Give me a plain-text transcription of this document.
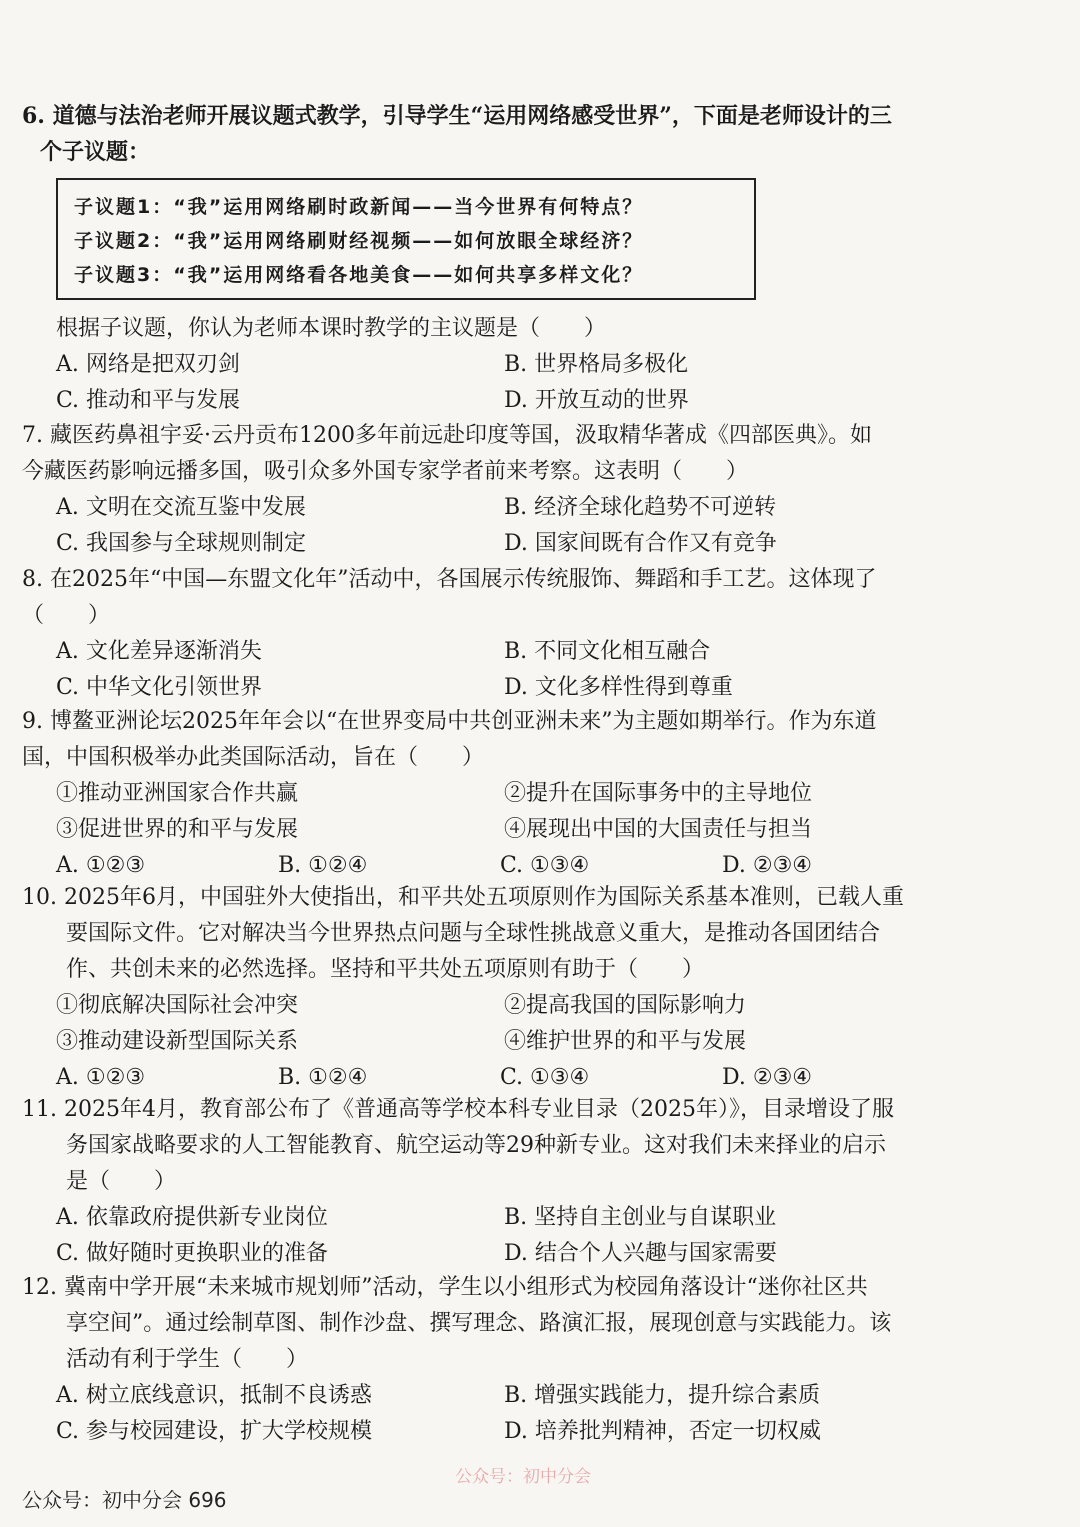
6. 道德与法治老师开展议题式教学，引导学生“运用网络感受世界”，下面是老师设计的三

个子议题：

子议题1：“我”运用网络刷时政新闻——当今世界有何特点？
子议题2：“我”运用网络刷财经视频——如何放眼全球经济？
子议题3：“我”运用网络看各地美食——如何共享多样文化？
根据子议题，你认为老师本课时教学的主议题是（　　）
A. 网络是把双刃剑	B. 世界格局多极化
C. 推动和平与发展	D. 开放互动的世界

7. 藏医药鼻祖宇妥·云丹贡布1200多年前远赴印度等国，汲取精华著成《四部医典》。如

今藏医药影响远播多国，吸引众多外国专家学者前来考察。这表明（　　）

A. 文明在交流互鉴中发展	B. 经济全球化趋势不可逆转
C. 我国参与全球规则制定	D. 国家间既有合作又有竞争

8. 在2025年“中国—东盟文化年”活动中，各国展示传统服饰、舞蹈和手工艺。这体现了

（　　）

A. 文化差异逐渐消失	B. 不同文化相互融合
C. 中华文化引领世界	D. 文化多样性得到尊重

9. 博鳌亚洲论坛2025年年会以“在世界变局中共创亚洲未来”为主题如期举行。作为东道

国，中国积极举办此类国际活动，旨在（　　）

①推动亚洲国家合作共赢	②提升在国际事务中的主导地位
③促进世界的和平与发展	④展现出中国的大国责任与担当
A. ①②③	B. ①②④	C. ①③④	D. ②③④

10. 2025年6月，中国驻外大使指出，和平共处五项原则作为国际关系基本准则，已载人重

要国际文件。它对解决当今世界热点问题与全球性挑战意义重大，是推动各国团结合

作、共创未来的必然选择。坚持和平共处五项原则有助于（　　）

①彻底解决国际社会冲突	②提高我国的国际影响力
③推动建设新型国际关系	④维护世界的和平与发展
A. ①②③	B. ①②④	C. ①③④	D. ②③④

11. 2025年4月，教育部公布了《普通高等学校本科专业目录（2025年）》，目录增设了服

务国家战略要求的人工智能教育、航空运动等29种新专业。这对我们未来择业的启示

是（　　）

A. 依靠政府提供新专业岗位	B. 坚持自主创业与自谋职业
C. 做好随时更换职业的准备	D. 结合个人兴趣与国家需要

12. 冀南中学开展“未来城市规划师”活动，学生以小组形式为校园角落设计“迷你社区共

享空间”。通过绘制草图、制作沙盘、撰写理念、路演汇报，展现创意与实践能力。该

活动有利于学生（　　）

A. 树立底线意识，抵制不良诱惑	B. 增强实践能力，提升综合素质
C. 参与校园建设，扩大学校规模	D. 培养批判精神，否定一切权威
公众号：初中分会
公众号：初中分会 696
